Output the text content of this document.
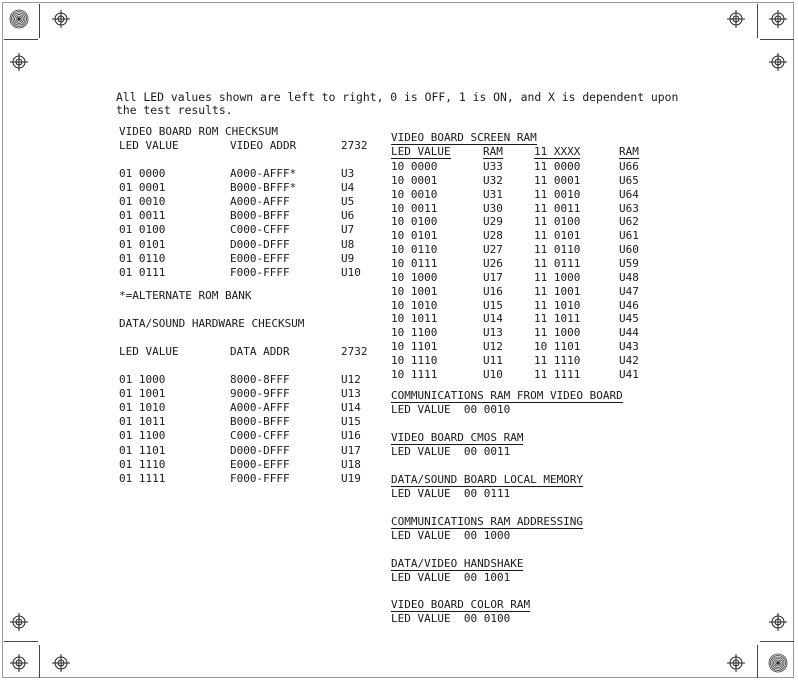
All LED values shown are left to right, 0 is OFF, 1 is ON, and X is dependent upon
the test results.
VIDEO BOARD ROM CHECKSUM
LED VALUE	VIDEO ADDR	2732
01 0000	A000-AFFF*	U3
01 0001	B000-BFFF*	U4
01 0010	A000-AFFF	U5
01 0011	B000-BFFF	U6
01 0100	C000-CFFF	U7
01 0101	D000-DFFF	U8
01 0110	E000-EFFF	U9
01 0111	F000-FFFF	U10
*=ALTERNATE ROM BANK
DATA/SOUND HARDWARE CHECKSUM
LED VALUE	DATA ADDR	2732
01 1000	8000-8FFF	U12
01 1001	9000-9FFF	U13
01 1010	A000-AFFF	U14
01 1011	B000-BFFF	U15
01 1100	C000-CFFF	U16
01 1101	D000-DFFF	U17
01 1110	E000-EFFF	U18
01 1111	F000-FFFF	U19
VIDEO BOARD SCREEN RAM
LED VALUE	RAM	11 XXXX	RAM
10 0000	U33	11 0000	U66
10 0001	U32	11 0001	U65
10 0010	U31	11 0010	U64
10 0011	U30	11 0011	U63
10 0100	U29	11 0100	U62
10 0101	U28	11 0101	U61
10 0110	U27	11 0110	U60
10 0111	U26	11 0111	U59
10 1000	U17	11 1000	U48
10 1001	U16	11 1001	U47
10 1010	U15	11 1010	U46
10 1011	U14	11 1011	U45
10 1100	U13	11 1000	U44
10 1101	U12	10 1101	U43
10 1110	U11	11 1110	U42
10 1111	U10	11 1111	U41
COMMUNICATIONS RAM FROM VIDEO BOARD
LED VALUE  00 0010
VIDEO BOARD CMOS RAM
LED VALUE  00 0011
DATA/SOUND BOARD LOCAL MEMORY
LED VALUE  00 0111
COMMUNICATIONS RAM ADDRESSING
LED VALUE  00 1000
DATA/VIDEO HANDSHAKE
LED VALUE  00 1001
VIDEO BOARD COLOR RAM
LED VALUE  00 0100
